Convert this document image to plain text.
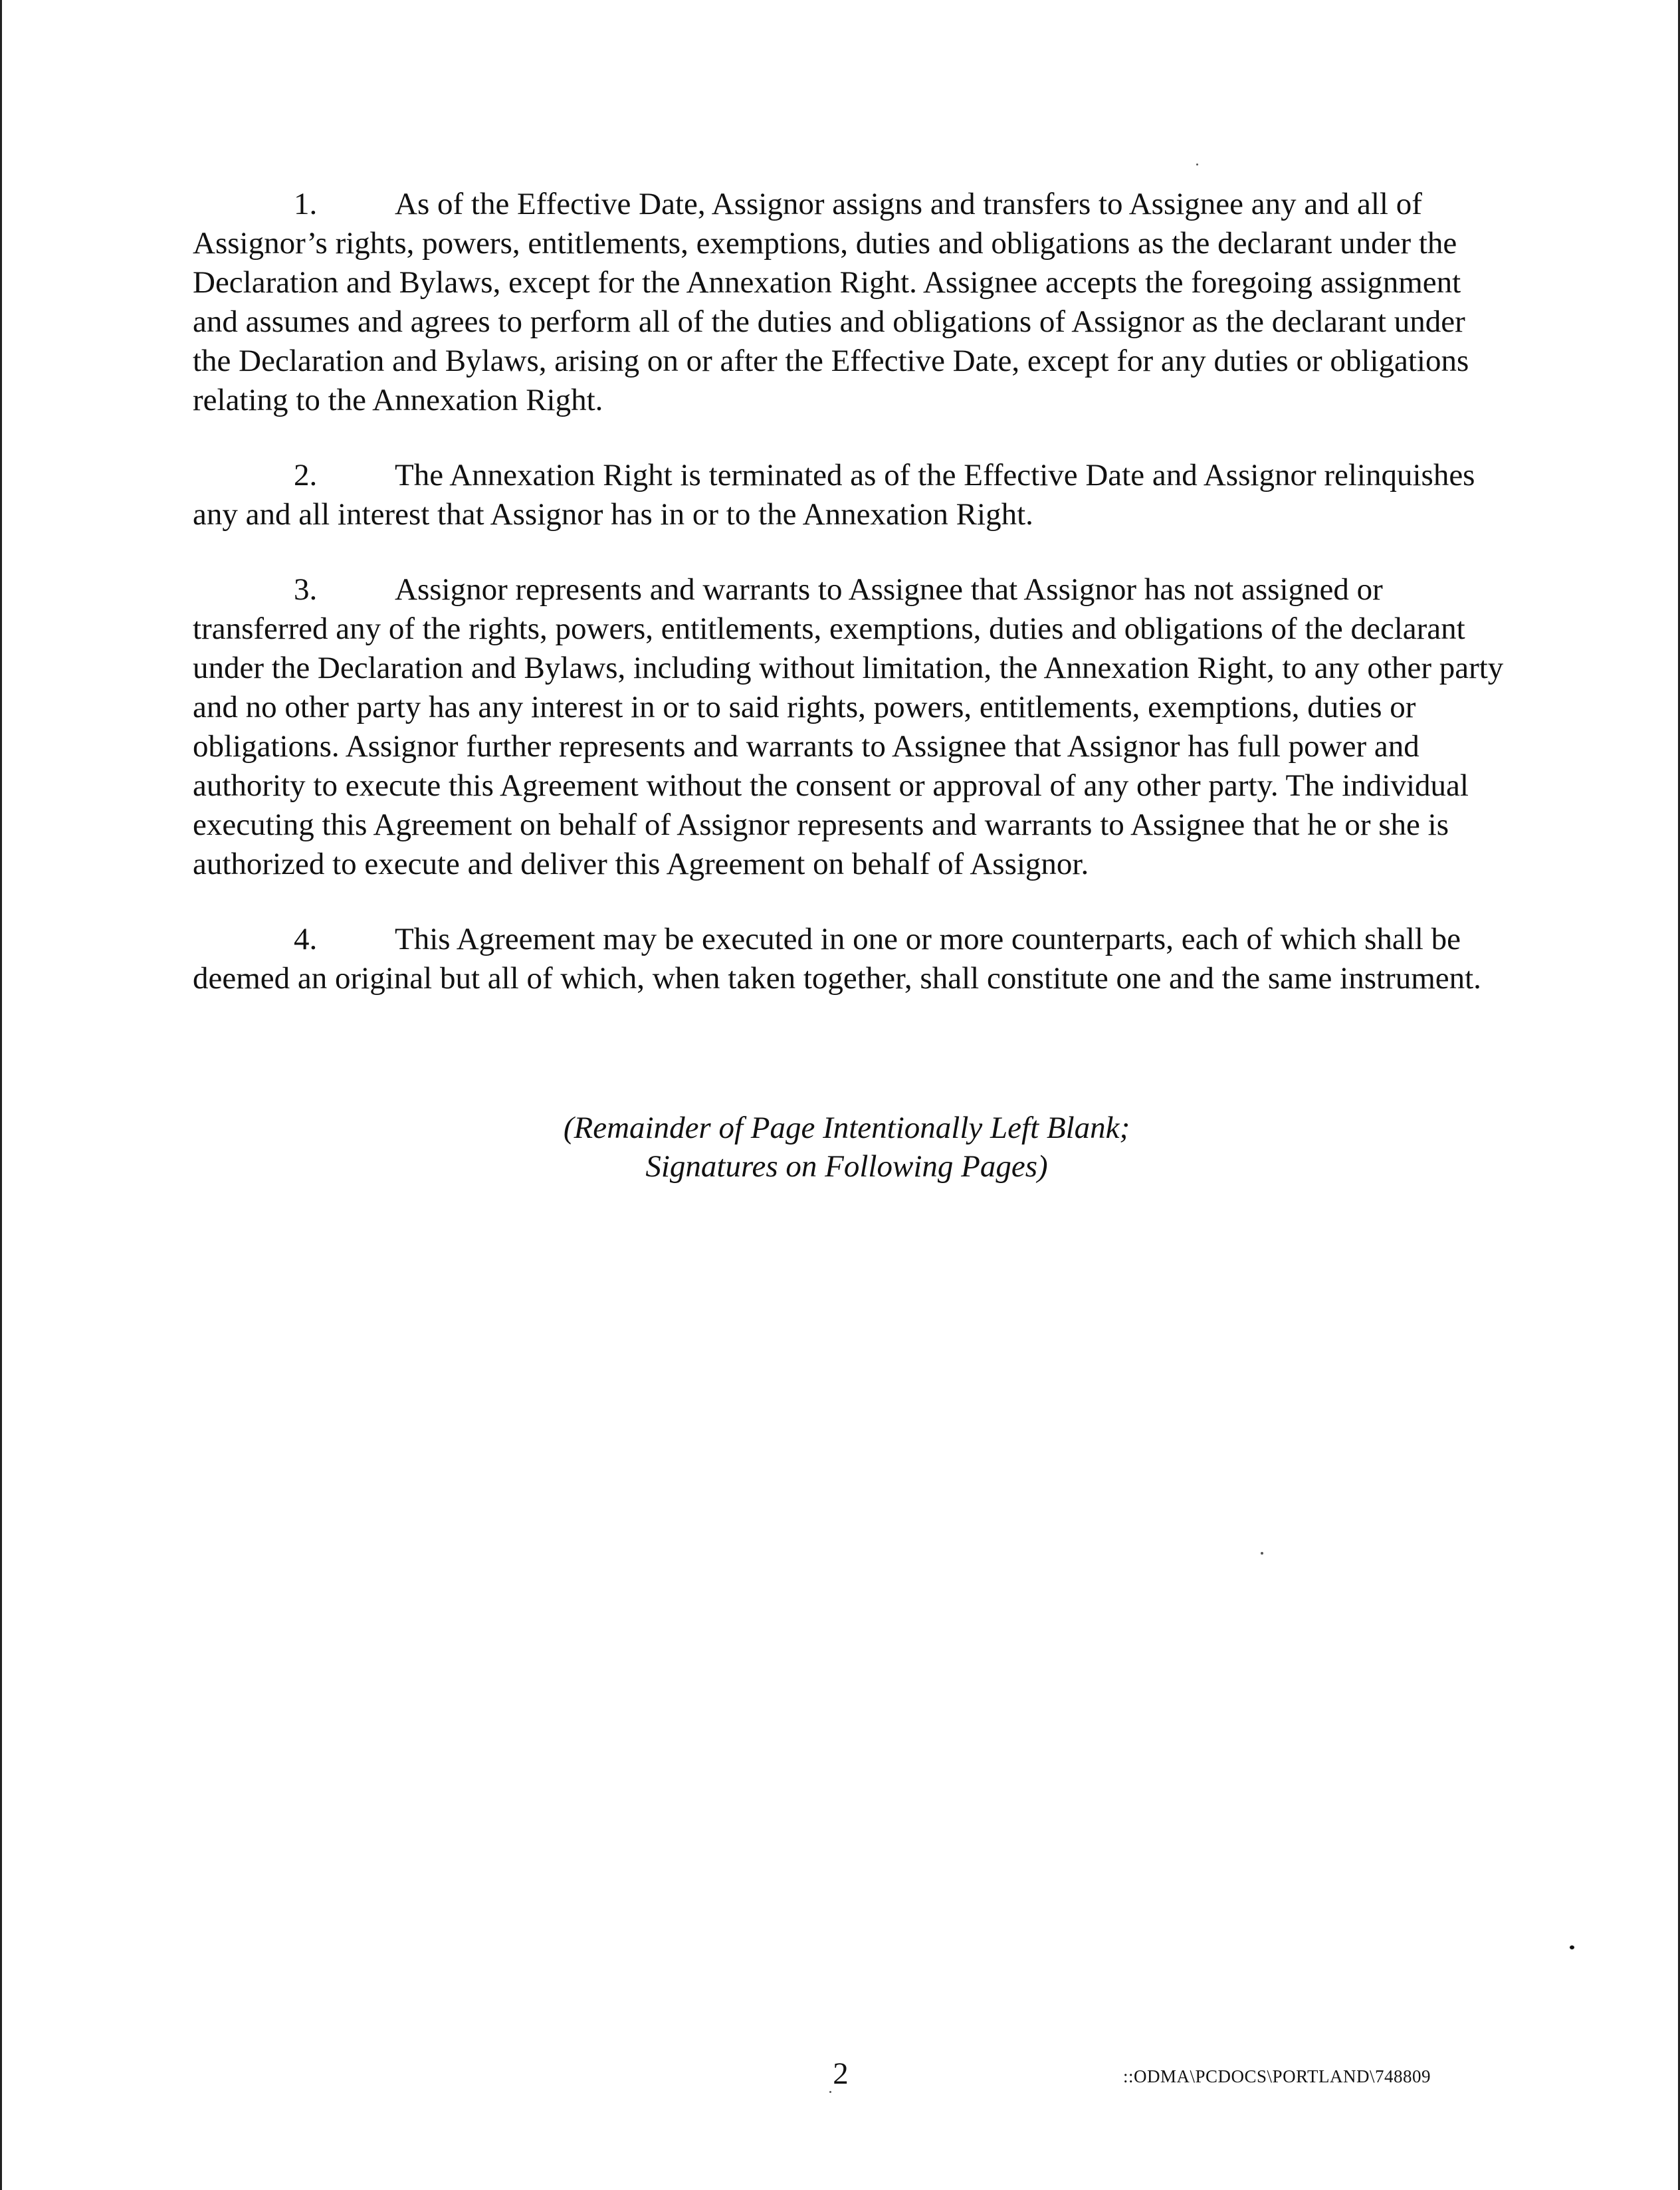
1. As of the Effective Date, Assignor assigns and transfers to Assignee any and all of Assignor’s rights, powers, entitlements, exemptions, duties and obligations as the declarant under the Declaration and Bylaws, except for the Annexation Right. Assignee accepts the foregoing assignment and assumes and agrees to perform all of the duties and obligations of Assignor as the declarant under the Declaration and Bylaws, arising on or after the Effective Date, except for any duties or obligations relating to the Annexation Right.

2. The Annexation Right is terminated as of the Effective Date and Assignor relinquishes any and all interest that Assignor has in or to the Annexation Right.

3. Assignor represents and warrants to Assignee that Assignor has not assigned or transferred any of the rights, powers, entitlements, exemptions, duties and obligations of the declarant under the Declaration and Bylaws, including without limitation, the Annexation Right, to any other party and no other party has any interest in or to said rights, powers, entitlements, exemptions, duties or obligations. Assignor further represents and warrants to Assignee that Assignor has full power and authority to execute this Agreement without the consent or approval of any other party. The individual executing this Agreement on behalf of Assignor represents and warrants to Assignee that he or she is authorized to execute and deliver this Agreement on behalf of Assignor.

4. This Agreement may be executed in one or more counterparts, each of which shall be deemed an original but all of which, when taken together, shall constitute one and the same instrument.

(Remainder of Page Intentionally Left Blank;
Signatures on Following Pages)
2	::ODMA\PCDOCS\PORTLAND\748809
